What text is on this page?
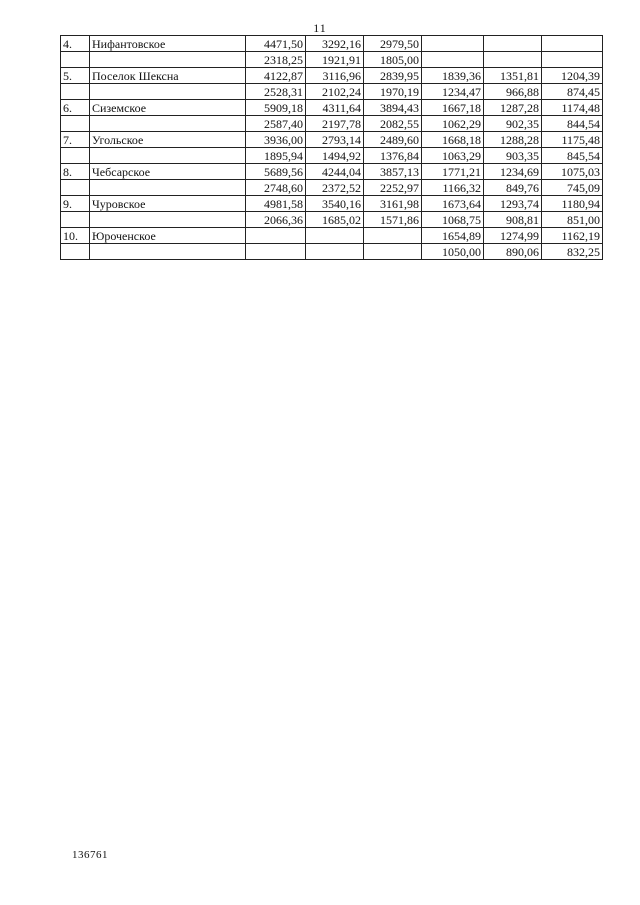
11
4.	Нифантовское	4471,50	3292,16	2979,50			
		2318,25	1921,91	1805,00			
5.	Поселок Шексна	4122,87	3116,96	2839,95	1839,36	1351,81	1204,39
		2528,31	2102,24	1970,19	1234,47	966,88	874,45
6.	Сиземское	5909,18	4311,64	3894,43	1667,18	1287,28	1174,48
		2587,40	2197,78	2082,55	1062,29	902,35	844,54
7.	Угольское	3936,00	2793,14	2489,60	1668,18	1288,28	1175,48
		1895,94	1494,92	1376,84	1063,29	903,35	845,54
8.	Чебсарское	5689,56	4244,04	3857,13	1771,21	1234,69	1075,03
		2748,60	2372,52	2252,97	1166,32	849,76	745,09
9.	Чуровское	4981,58	3540,16	3161,98	1673,64	1293,74	1180,94
		2066,36	1685,02	1571,86	1068,75	908,81	851,00
10.	Юроченское				1654,89	1274,99	1162,19
					1050,00	890,06	832,25
136761
